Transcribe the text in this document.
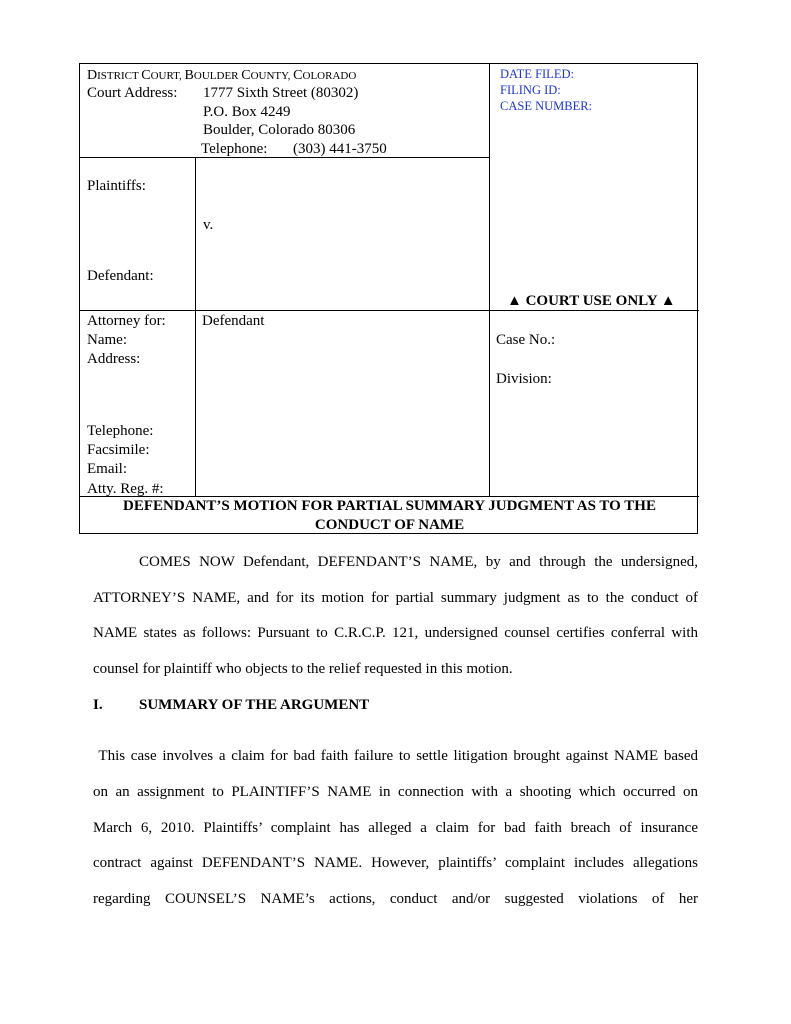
DISTRICT COURT, BOULDER COUNTY, COLORADO
Court Address: 1777 Sixth Street (80302)
P.O. Box 4249
Boulder, Colorado 80306
Telephone: (303) 441-3750
DATE FILED:
FILING ID:
CASE NUMBER:
Plaintiffs:
v.
Defendant:
▲ COURT USE ONLY ▲
Attorney for: Defendant
Name:
Address:
Telephone:
Facsimile:
Email:
Atty. Reg. #:
Case No.:
Division:
DEFENDANT’S MOTION FOR PARTIAL SUMMARY JUDGMENT AS TO THE
CONDUCT OF NAME
COMES NOW Defendant, DEFENDANT’S NAME, by and through the undersigned,
ATTORNEY’S NAME, and for its motion for partial summary judgment as to the conduct of
NAME states as follows: Pursuant to C.R.C.P. 121, undersigned counsel certifies conferral with
counsel for plaintiff who objects to the relief requested in this motion.
I. SUMMARY OF THE ARGUMENT
This case involves a claim for bad faith failure to settle litigation brought against NAME based
on an assignment to PLAINTIFF’S NAME in connection with a shooting which occurred on
March 6, 2010. Plaintiffs’ complaint has alleged a claim for bad faith breach of insurance
contract against DEFENDANT’S NAME. However, plaintiffs’ complaint includes allegations
regarding COUNSEL’S NAME’s actions, conduct and/or suggested violations of her
